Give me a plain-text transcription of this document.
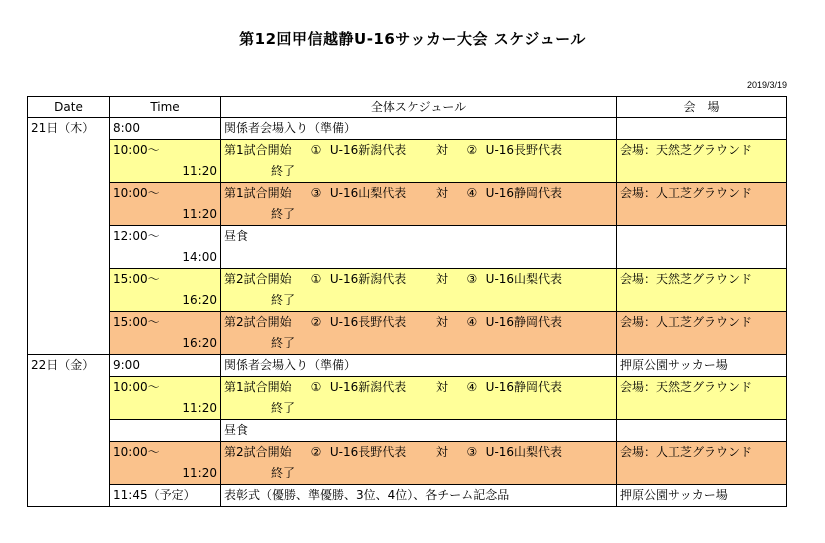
第12回甲信越静U-16サッカー大会 スケジュール
2019/3/19
Date	Time	全体スケジュール	会　場
21日（木）	8:00	関係者会場入り（準備）	
	10:00～	第1試合開始 ① U-16新潟代表 対 ② U-16長野代表	会場：天然芝グラウンド
	11:20	終了	
	10:00～	第1試合開始 ③ U-16山梨代表 対 ④ U-16静岡代表	会場：人工芝グラウンド
	11:20	終了	
	12:00～	昼食	
	14:00		
	15:00～	第2試合開始 ① U-16新潟代表 対 ③ U-16山梨代表	会場：天然芝グラウンド
	16:20	終了	
	15:00～	第2試合開始 ② U-16長野代表 対 ④ U-16静岡代表	会場：人工芝グラウンド
	16:20	終了	
22日（金）	9:00	関係者会場入り（準備）	押原公園サッカー場
	10:00～	第1試合開始 ① U-16新潟代表 対 ④ U-16静岡代表	会場：天然芝グラウンド
	11:20	終了	
		昼食	
	10:00～	第2試合開始 ② U-16長野代表 対 ③ U-16山梨代表	会場：人工芝グラウンド
	11:20	終了	
	11:45（予定）	表彰式（優勝、準優勝、3位、4位）、各チーム記念品	押原公園サッカー場
